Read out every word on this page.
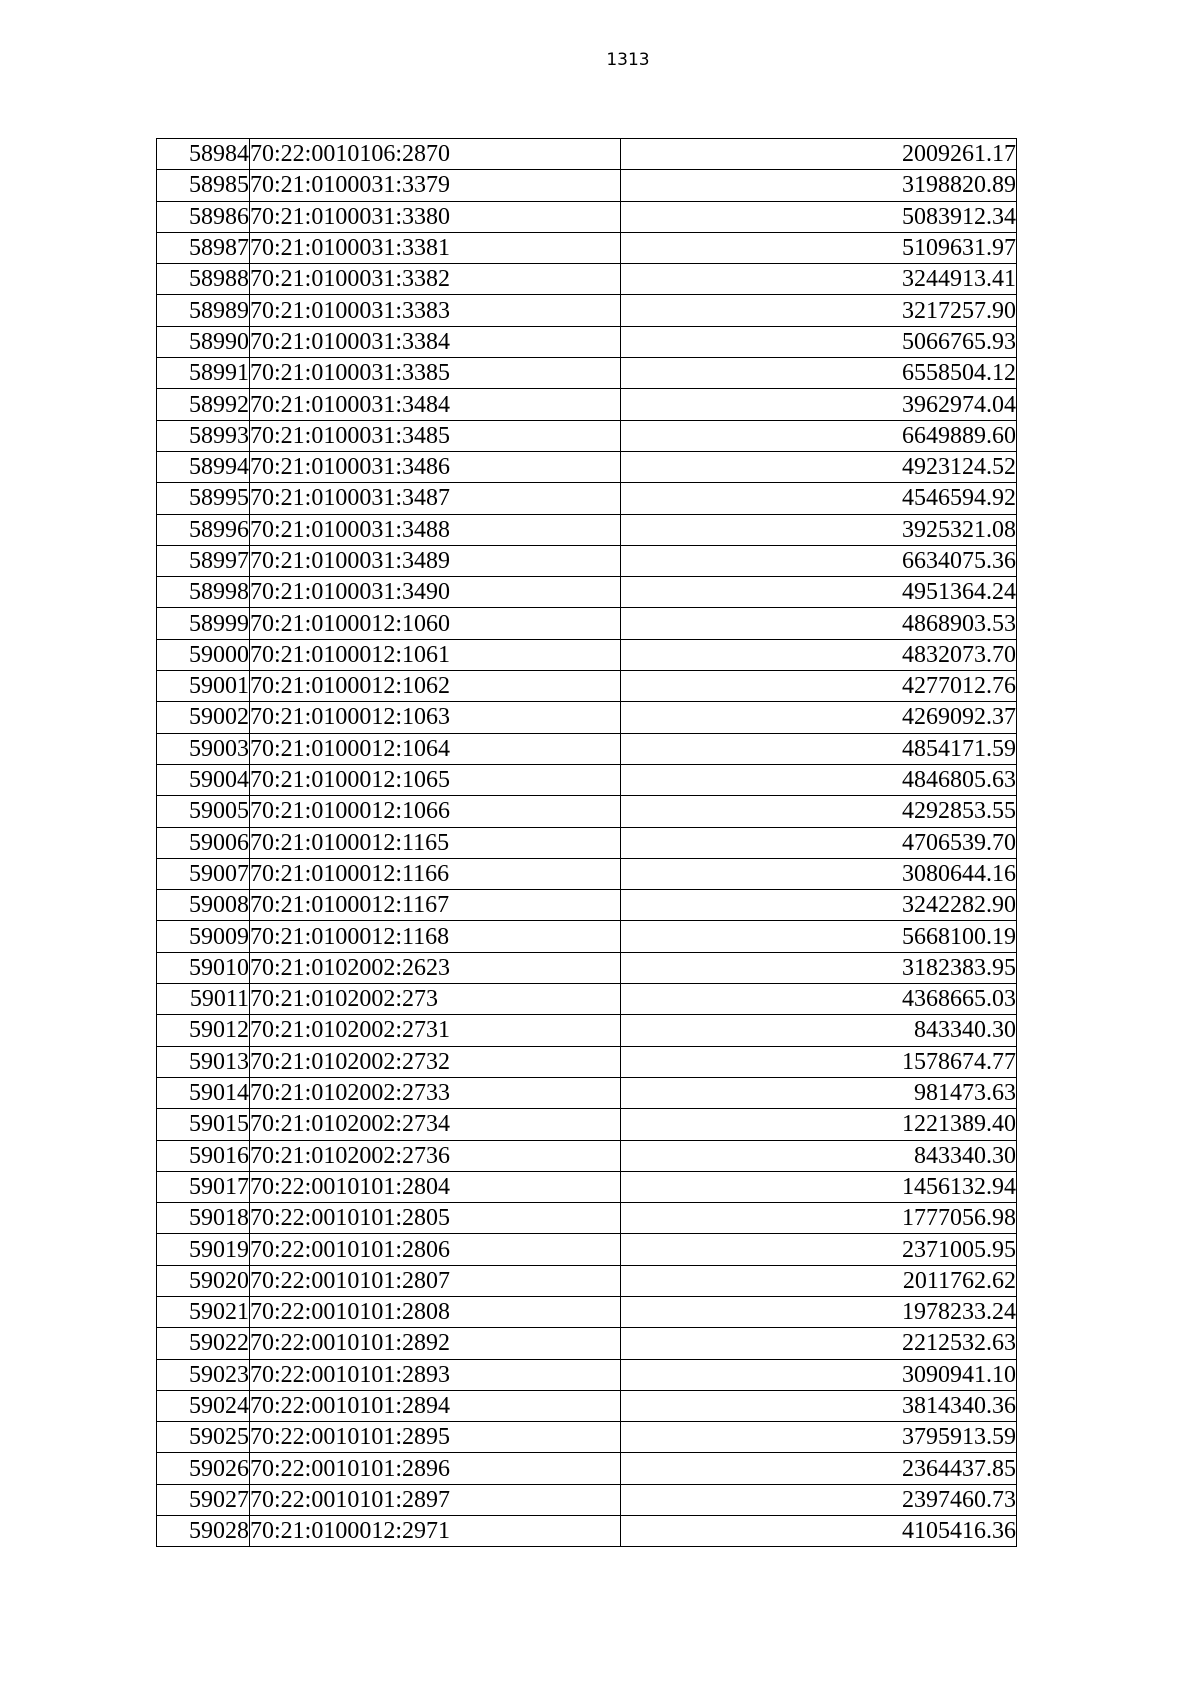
1313
58984	70:22:0010106:2870	2009261.17
58985	70:21:0100031:3379	3198820.89
58986	70:21:0100031:3380	5083912.34
58987	70:21:0100031:3381	5109631.97
58988	70:21:0100031:3382	3244913.41
58989	70:21:0100031:3383	3217257.90
58990	70:21:0100031:3384	5066765.93
58991	70:21:0100031:3385	6558504.12
58992	70:21:0100031:3484	3962974.04
58993	70:21:0100031:3485	6649889.60
58994	70:21:0100031:3486	4923124.52
58995	70:21:0100031:3487	4546594.92
58996	70:21:0100031:3488	3925321.08
58997	70:21:0100031:3489	6634075.36
58998	70:21:0100031:3490	4951364.24
58999	70:21:0100012:1060	4868903.53
59000	70:21:0100012:1061	4832073.70
59001	70:21:0100012:1062	4277012.76
59002	70:21:0100012:1063	4269092.37
59003	70:21:0100012:1064	4854171.59
59004	70:21:0100012:1065	4846805.63
59005	70:21:0100012:1066	4292853.55
59006	70:21:0100012:1165	4706539.70
59007	70:21:0100012:1166	3080644.16
59008	70:21:0100012:1167	3242282.90
59009	70:21:0100012:1168	5668100.19
59010	70:21:0102002:2623	3182383.95
59011	70:21:0102002:273	4368665.03
59012	70:21:0102002:2731	843340.30
59013	70:21:0102002:2732	1578674.77
59014	70:21:0102002:2733	981473.63
59015	70:21:0102002:2734	1221389.40
59016	70:21:0102002:2736	843340.30
59017	70:22:0010101:2804	1456132.94
59018	70:22:0010101:2805	1777056.98
59019	70:22:0010101:2806	2371005.95
59020	70:22:0010101:2807	2011762.62
59021	70:22:0010101:2808	1978233.24
59022	70:22:0010101:2892	2212532.63
59023	70:22:0010101:2893	3090941.10
59024	70:22:0010101:2894	3814340.36
59025	70:22:0010101:2895	3795913.59
59026	70:22:0010101:2896	2364437.85
59027	70:22:0010101:2897	2397460.73
59028	70:21:0100012:2971	4105416.36
